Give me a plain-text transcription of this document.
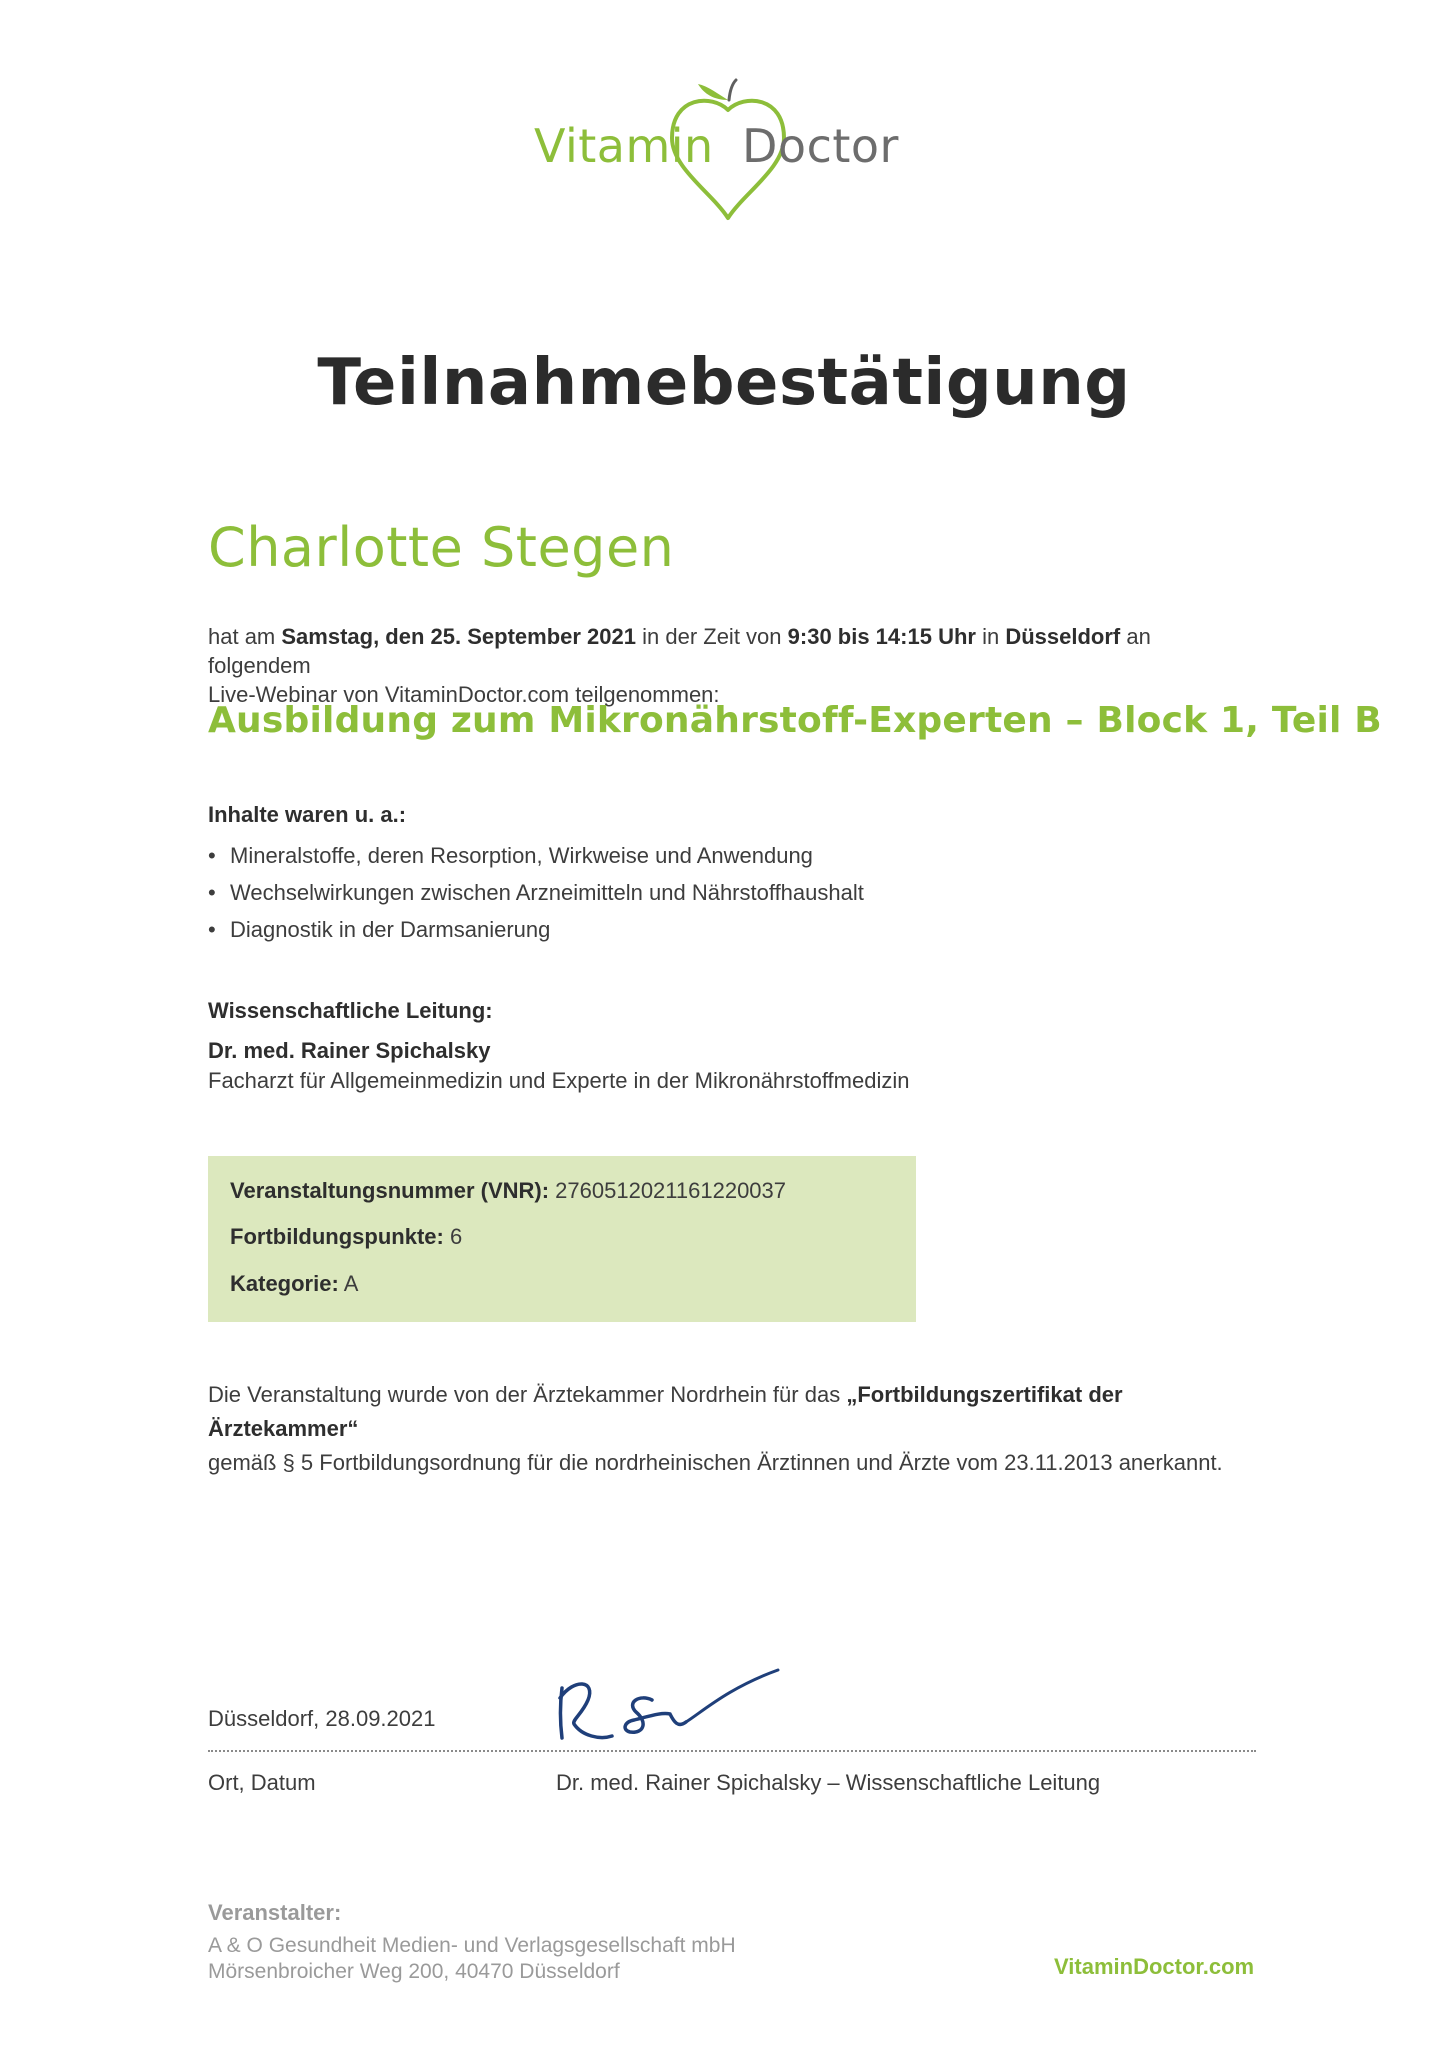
Vitamin Doctor
Teilnahmebestätigung
Charlotte Stegen
hat am Samstag, den 25. September 2021 in der Zeit von 9:30 bis 14:15 Uhr in Düsseldorf an folgendem
Live-Webinar von VitaminDoctor.com teilgenommen:
Ausbildung zum Mikronährstoff-Experten – Block 1, Teil B
Inhalte waren u. a.:
• Mineralstoffe, deren Resorption, Wirkweise und Anwendung
• Wechselwirkungen zwischen Arzneimitteln und Nährstoffhaushalt
• Diagnostik in der Darmsanierung
Wissenschaftliche Leitung:
Dr. med. Rainer Spichalsky
Facharzt für Allgemeinmedizin und Experte in der Mikronährstoffmedizin
Veranstaltungsnummer (VNR): 2760512021161220037
Fortbildungspunkte: 6
Kategorie: A
Die Veranstaltung wurde von der Ärztekammer Nordrhein für das „Fortbildungszertifikat der Ärztekammer“
gemäß § 5 Fortbildungsordnung für die nordrheinischen Ärztinnen und Ärzte vom 23.11.2013 anerkannt.
Düsseldorf, 28.09.2021
Ort, Datum	Dr. med. Rainer Spichalsky – Wissenschaftliche Leitung
Veranstalter:
A & O Gesundheit Medien- und Verlagsgesellschaft mbH
Mörsenbroicher Weg 200, 40470 Düsseldorf	VitaminDoctor.com
